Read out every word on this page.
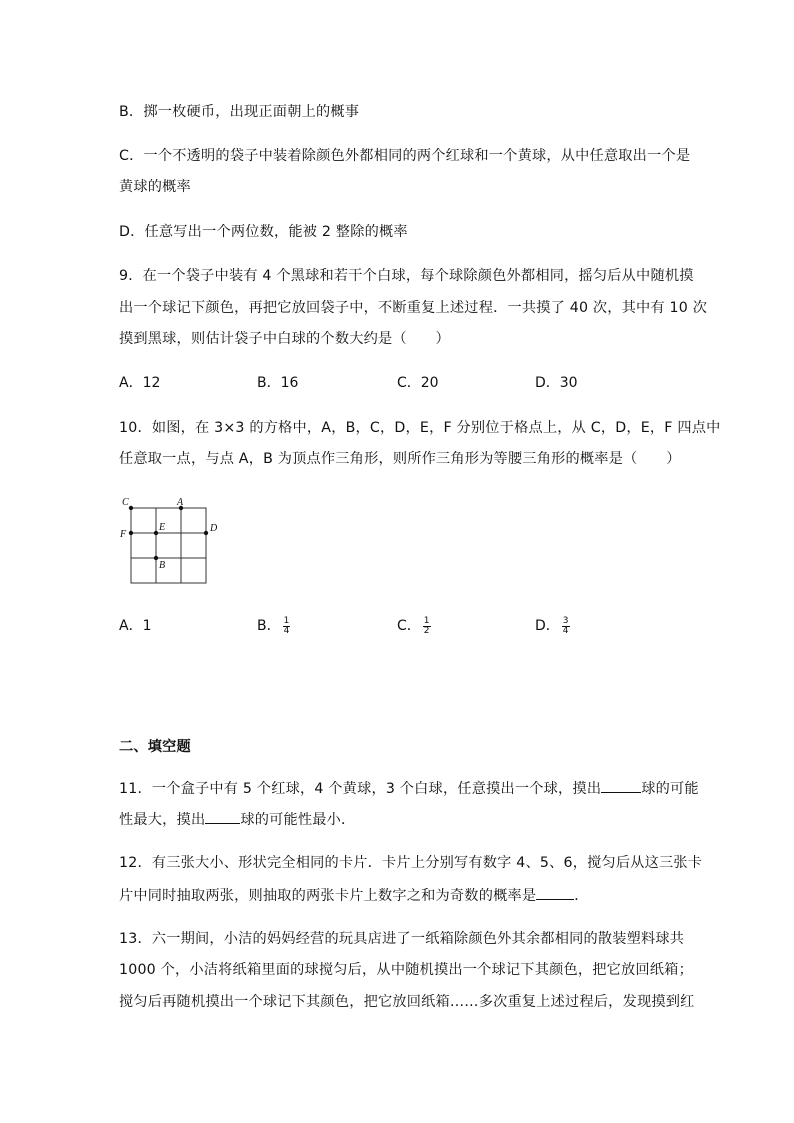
B．掷一枚硬币，出现正面朝上的概事
C．一个不透明的袋子中装着除颜色外都相同的两个红球和一个黄球，从中任意取出一个是
黄球的概率
D．任意写出一个两位数，能被 2 整除的概率
9．在一个袋子中装有 4 个黑球和若干个白球，每个球除颜色外都相同，摇匀后从中随机摸
出一个球记下颜色，再把它放回袋子中，不断重复上述过程．一共摸了 40 次，其中有 10 次
摸到黑球，则估计袋子中白球的个数大约是（　　）
A．12	B．16	C．20	D．30
10．如图，在 3×3 的方格中，A，B，C，D，E，F 分别位于格点上，从 C，D，E，F 四点中
任意取一点，与点 A，B 为顶点作三角形，则所作三角形为等腰三角形的概率是（　　）
C	A
E	D
F
B
A．1	B． $\frac{1}{4}$	C． $\frac{1}{2}$	D． $\frac{3}{4}$
二、填空题
11．一个盒子中有 5 个红球，4 个黄球，3 个白球，任意摸出一个球，摸出	球的可能
性最大，摸出 球的可能性最小．
12．有三张大小、形状完全相同的卡片．卡片上分别写有数字 4、5、6，搅匀后从这三张卡
片中同时抽取两张，则抽取的两张卡片上数字之和为奇数的概率是	．
13．六一期间，小洁的妈妈经营的玩具店进了一纸箱除颜色外其余都相同的散装塑料球共
1000 个，小洁将纸箱里面的球搅匀后，从中随机摸出一个球记下其颜色，把它放回纸箱；
搅匀后再随机摸出一个球记下其颜色，把它放回纸箱……多次重复上述过程后，发现摸到红
